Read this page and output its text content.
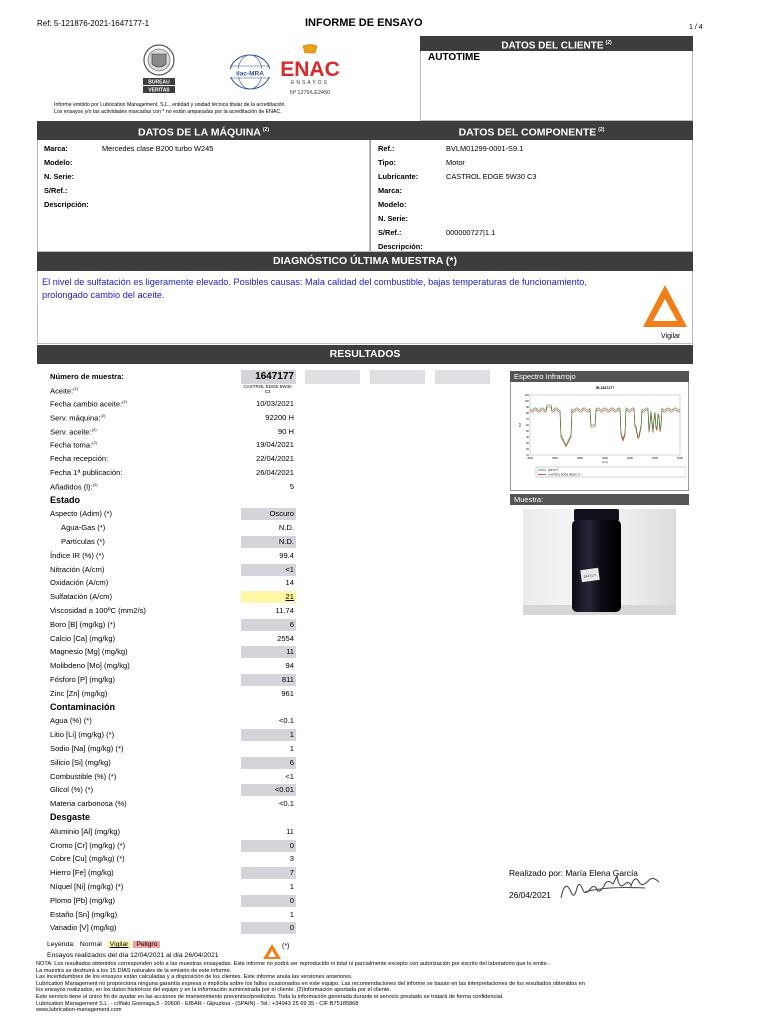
Ref: 5-121876-2021-1647177-1	INFORME DE ENSAYO	1 / 4
BUREAU
VERITAS
ilac-MRA ENAC
ENSAYOS
Nº 1279/LE2450
Informe emitido por Lubrication Management, S.L., entidad y unidad técnica titular de la acreditación.
Los ensayos y/o las actividades marcadas con * no están amparadas por la acreditación de ENAC.
DATOS DEL CLIENTE $^{(2)}$
AUTOTIME
DATOS DE LA MÁQUINA $^{(2)}$	DATOS DEL COMPONENTE $^{(2)}$
Marca:	Mercedes clase B200 turbo W245
Modelo:
N. Serie:
S/Ref.:
Descripción:
Ref.:	BVLM01299-0001-S9.1
Tipo:	Motor
Lubricante:	CASTROL EDGE 5W30 C3
Marca:
Modelo:
N. Serie:
S/Ref.:	000000727|1.1
Descripción:
DIAGNÓSTICO ÚLTIMA MUESTRA (*)
El nivel de sulfatación es ligeramente elevado. Posibles causas: Mala calidad del combustible, bajas temperaturas de funcionamiento, prolongado cambio del aceite.
Vigilar
RESULTADOS
Número de muestra:	1647177
Aceite:$^{(2)}$	CASTROL EDGE 5W30 C3
Fecha cambio aceite:$^{(2)}$	10/03/2021
Serv. máquina:$^{(2)}$	92200 H
Serv. aceite:$^{(2)}$	90 H
Fecha toma:$^{(2)}$	19/04/2021
Fecha recepción:	22/04/2021
Fecha 1ª publicación:	26/04/2021
Añadidos (l):$^{(2)}$	5
Estado
Aspecto (Adim) (*)	Oscuro
Agua-Gas (*)	N.D.
Partículas (*)	N.D.
Índice IR (%) (*)	99.4
Nitración (A/cm)	<1
Oxidación (A/cm)	14
Sulfatación (A/cm)	21
Viscosidad a 100ºC (mm2/s)	11.74
Boro [B] (mg/kg) (*)	6
Calcio [Ca] (mg/kg)	2554
Magnesio [Mg] (mg/kg)	11
Molibdeno [Mo] (mg/kg)	94
Fósforo [P] (mg/kg)	811
Zinc [Zn] (mg/kg)	961
Contaminación
Agua (%) (*)	<0.1
Litio [Li] (mg/kg) (*)	1
Sodio [Na] (mg/kg) (*)	1
Silicio [Si] (mg/kg)	6
Combustible (%) (*)	<1
Glicol (%) (*)	<0.01
Materia carbonosa (%)	<0.1
Desgaste
Aluminio [Al] (mg/kg)	11
Cromo [Cr] (mg/kg) (*)	0
Cobre [Cu] (mg/kg) (*)	3
Hierro [Fe] (mg/kg)	7
Níquel [Ni] (mg/kg) (*)	1
Plomo [Pb] (mg/kg)	0
Estaño [Sn] (mg/kg)	1
Vanadio [V] (mg/kg)	0
Espectro Infrarrojo
IR-1647177
110
100
90
80
70
60
50
40
30
20
10
4000	3500	3000	2500	2000	1500	1000
%T
cm-1
1647177
CASTROL EDGE 5W30 C3
Muestra:
1647177
Realizado por: María Elena García
26/04/2021
Leyenda: Normal Vigilar Peligro
Ensayos realizados del día 12/04/2021 al día 26/04/2021
(*)
NOTA: Los resultados obtenidos corresponden sólo a las muestras ensayadas. Este informe no podrá ser reproducido ni total ni parcialmente excepto con autorización por escrito del laboratorio que lo emite.
La muestra se destruirá a los 15 DÍAS naturales de la emisión de este informe.
Las incertidumbres de los ensayos están calculadas y a disposición de los clientes. Este informe anula las versiones anteriores.
Lubrication Management no proporciona ninguna garantía expresa o implícita sobre los fallos ocasionados en este equipo. Las recomendaciones del informe se basan en las interpretaciones de los resultados obtenidos en
los ensayos realizados, en los datos históricos del equipo y en la información suministrada por el cliente. (2)Información aportada por el cliente.
Este servicio tiene el único fin de ayudar en las acciones de mantenimiento preventivo/predictivo. Toda la información generada durante el servicio prestado se tratará de forma confidencial.
Lubrication Management S.L. - c/Iñaki Goenaga,5 - 20600 - EIBAR - Gipuzkoa - (SPAIN) - Tel.: +34943 25 69 35 - CIF:B75185868
www.lubrication-management.com
